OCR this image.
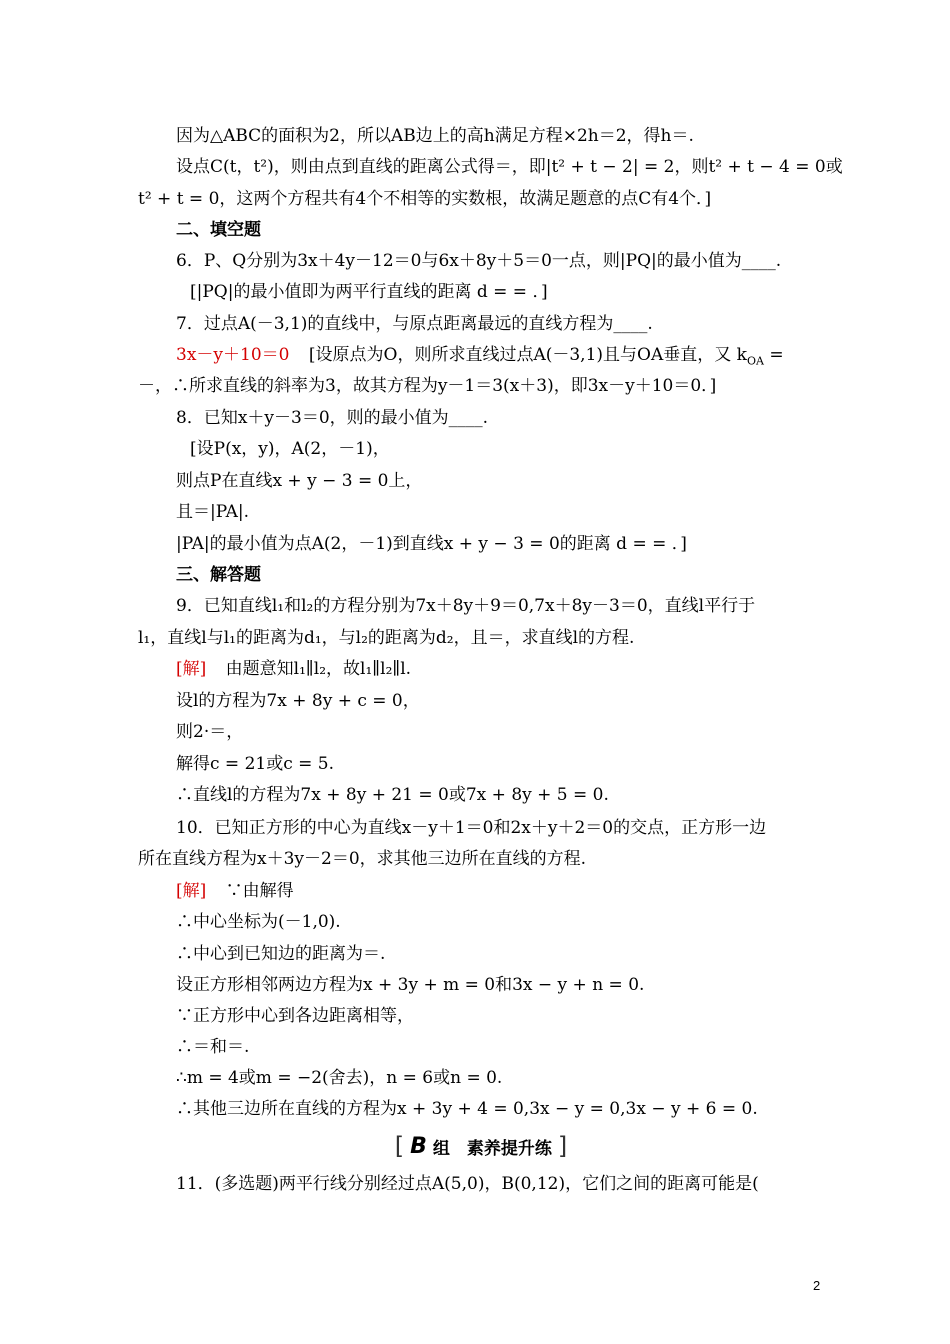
因为△ABC的面积为2，所以AB边上的高h满足方程×2h＝2，得h＝.
设点C(t，t²)，则由点到直线的距离公式得＝，即|t² + t − 2| = 2，则t² + t − 4 = 0或
t² + t = 0，这两个方程共有4个不相等的实数根，故满足题意的点C有4个．]
二、填空题
6．P、Q分别为3x＋4y－12＝0与6x＋8y＋5＝0一点，则|PQ|的最小值为____.
[|PQ|的最小值即为两平行直线的距离 d = = ．]
7．过点A(－3,1)的直线中，与原点距离最远的直线方程为____.
3x－y＋10＝0 [设原点为O，则所求直线过点A(－3,1)且与OA垂直，又 $k_{OA}$ =
－，∴所求直线的斜率为3，故其方程为y－1＝3(x＋3)，即3x－y＋10＝0．]
8．已知x＋y－3＝0，则的最小值为____.
[设P(x，y)，A(2，－1)，
则点P在直线x + y − 3 = 0上，
且＝|PA|.
|PA|的最小值为点A(2，－1)到直线x + y − 3 = 0的距离 d = = ．]
三、解答题
9．已知直线l₁和l₂的方程分别为7x＋8y＋9＝0,7x＋8y－3＝0，直线l平行于
l₁，直线l与l₁的距离为d₁，与l₂的距离为d₂，且＝，求直线l的方程.
[解] 由题意知l₁∥l₂，故l₁∥l₂∥l.
设l的方程为7x + 8y + c = 0，
则2·＝，
解得c = 21或c = 5.
∴直线l的方程为7x + 8y + 21 = 0或7x + 8y + 5 = 0.
10．已知正方形的中心为直线x－y＋1＝0和2x＋y＋2＝0的交点，正方形一边
所在直线方程为x＋3y－2＝0，求其他三边所在直线的方程.
[解] ∵由解得
∴中心坐标为(－1,0).
∴中心到已知边的距离为＝.
设正方形相邻两边方程为x + 3y + m = 0和3x − y + n = 0.
∵正方形中心到各边距离相等，
∴＝和＝.
∴m = 4或m = −2(舍去)，n = 6或n = 0.
∴其他三边所在直线的方程为x + 3y + 4 = 0,3x − y = 0,3x − y + 6 = 0.
[ B 组　素养提升练 ]
11．(多选题)两平行线分别经过点A(5,0)，B(0,12)，它们之间的距离可能是(
2
